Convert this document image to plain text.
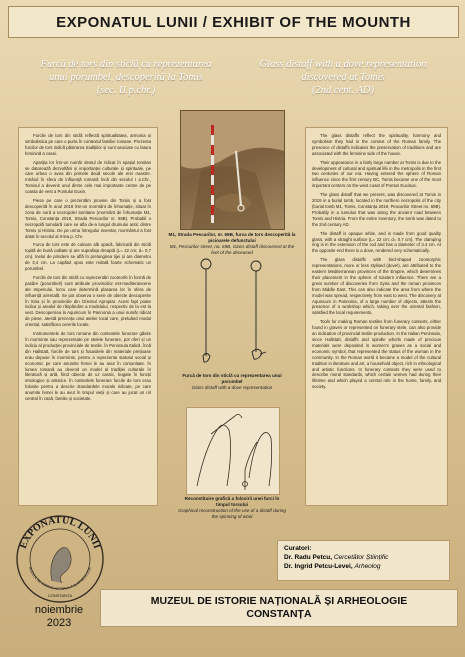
EXPONATUL LUNII / EXHIBIT OF THE MOUNTH
Furcă de tors din sticlă cu reprezentarea
unui porumbel, descoperită la Tomis
(sec. II p.chr.)
Glass distaff with a dove representation
discovered at Tomis
(2nd cent. AD)

Furcile de tors din sticlă reflectă spiritualitatea, armonia și simbolistica pe care o purta în contextul familiei romane. Prezenta furcilor de tors indică păstrarea tradițiilor și sunt asociate cu latura feminină a casei.

Apariția lor într-un număr destul de ridicat în spațiul tomitan se datorează dezvoltării și importanței culturale și spirituale, pe care urbea o avea din primele două secole ale erei noastre. Intrând în sfera de influență romană încă din secolul I a.Chr., Tomisul a devenit unul dintre cele mai importante centre de pe coasta de vest a Pontului Euxin.

Piesa pe care o prezentăm provine din Tomis și a fost descoperită în anul 2019 într-un mormânt de înhumație, situat în zona de nord a necropolei tomitane (mormânt de înhumație M1, Tomis, Constanța 2019, Strada Pescarilor nr. 69B). Probabil o necropolă tumulară care se afla de-a lungul drumului antic dintre Tomis și Histria. De pe urma întregului inventar, mormântul a fost datat în secolul al II-lea p. Chr.

Furca de tors este de culoare alb opacă, fabricată din sticlă topită de bună calitate și are suprafața dreaptă (L= 22 cm; d= 0,7 cm). Inelul de prindere se află în prelungirea tijei și are diametru de 3,4 cm. La capătul opus este redată foarte schematic un porumbel.

Furcile de tors din sticlă cu reprezentări zoomorfe în formă de pasăre (porumbel!) sunt atribuite provinciilor est-mediteraneene ale Imperiului, lucru care determină plasarea lor în sfera de influență orientală. Se pot observa o serie de obiecte descoperite în Siria și în provinciile din Orientul Apropiat. Acest fapt poate indica și arealul de răspândire a modelului, respectiv de la est la vest. Descoperirea la Aquincum în Pannonia a unui număr ridicat de piese, atestă prezența unui atelier local care, preluând modul oriental, satisfăcea cererile locale.

Instrumentele de tors romane din contextele funerare găsite în morminte sau reprezentate pe stelele funerare, pot oferi și un indiciu al producției provinciale de textile. În Peninsula Italică, încă din Hallstatt, furcile de tors și fusaiolele din materiale prețioase erau depuse în morminte, pentru a reprezenta statutul social și economic pe care anumite femei le au avut în comunitate. În lumea romană au devenit un model al tradiției culturale în literatură și artă, fiind obiecte de uz casnic, bogate în funcții etnologice și artistice. În contextele funerare furcile de tors erau folosite pentru a descrie standardele morale ridicate, pe care anumite femei le au avut în timpul vieții și care au jucat un rol central în casă, familie și societate.

The glass distaffs reflect the spirituality, harmony and symbolism they had in the context of the Roman family. The presence of distaffs indicates the preservation of traditions and are associated with the feminine side of the house.

Their appearance in a fairly large number at Tomis is due to the development of cultural and spiritual life in the metropolis in the first two centuries of our era. Having entered the sphere of Roman influence since the first century BC, Tomis became one of the most important centers on the west coast of Pontus Euxinus.

The glass distaff that we present, was discovered at Tomis in 2019 in a burial tomb, located in the northern necropolis of the city (burial tomb M1, Tomis, Constanța 2019, Pescarilor Street no. 69B). Probably in a tumulus that was along the ancient road between Tomis and Histria. From the entire inventory, the tomb was dated to the 2nd century AD.

The distaff is opaque white, and is made from good quality glass, with a straight surface (L= 22 cm; d= 0.7 cm). The clamping ring is in the extension of the rod and has a diameter of 3.4 cm. At the opposite end there is a dove, rendered very schematically.

The glass distaffs with bird-shaped zoomorphic representations, more or less stylised (dove!), are attributed to the eastern Mediterranean provinces of the Empire, which determines their placement in the sphere of Eastern influence. There are a great number of discoveries from Syria and the roman provinces from Middle East. This can also indicate the area from where the model was spread, respectively from east to west. The discovery at Aquincum in Pannonia, of a large number of objects, attests the presence of a workshop which, taking over the oriental fashion, satisfied the local requirements.

Tools for making Roman textiles from funerary contexts, either found in graves or represented on funerary stele, can also provide an indication of provincial textile production. In the Italian Peninsula, since Hallstatt, distaffs and spindle whorls made of precious materials were deposited in women's graves as a social and economic symbol, that represented the status of the woman in the community. In the Roman world it became a model of the cultural tradition in literature and art, a household object, rich in ethnological and artistic functions. In funerary contexts they were used to describe moral standards, which certain women had during their lifetime and which played a central role in the home, family, and society.

M1, Strada Pescarilor, nr. 69B, furca de tors descoperită la picioarele defunctului
M1, Pescarilor street, no. 69B, Glass distaff discovered at the feet of the deceased
Furcă de tors din sticlă cu reprezentarea unui porumbel
Glass distaff with a dove representation
Reconstituire grafică a folosirii unei furci în timpul torsului
Graphical reconstruction of the use of a distaff during the spinning of wool
EXPONATUL LUNII
MUZEUL DE ISTORIE NAȚIONALĂ ȘI ARHEOLOGIE
CONSTANȚA
noiembrie
2023
Curatori:
Dr. Radu Petcu, Cercetător Științific
Dr. Ingrid Petcu-Levei, Arheolog
MUZEUL DE ISTORIE NAȚIONALĂ ȘI ARHEOLOGIE
CONSTANȚA
